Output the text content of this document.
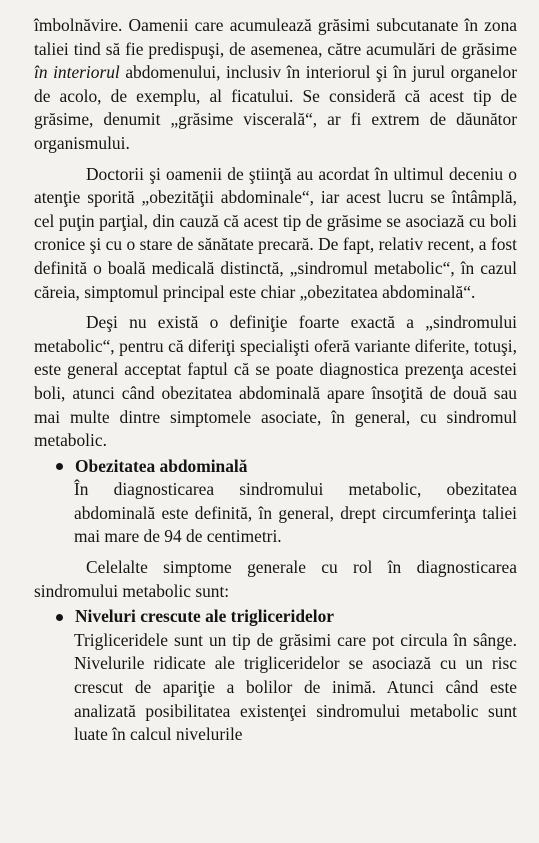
îmbolnăvire. Oamenii care acumulează grăsimi subcutanate în zona taliei tind să fie predispuşi, de asemenea, către acumulări de grăsime în interiorul abdomenului, inclusiv în interiorul şi în jurul organelor de acolo, de exemplu, al ficatului. Se consideră că acest tip de grăsime, denumit „grăsime viscerală“, ar fi extrem de dăunător organismului.

Doctorii şi oamenii de ştiinţă au acordat în ultimul deceniu o atenţie sporită „obezităţii abdominale“, iar acest lucru se întâmplă, cel puţin parţial, din cauză că acest tip de grăsime se asociază cu boli cronice şi cu o stare de sănătate precară. De fapt, relativ recent, a fost definită o boală medicală distinctă, „sindromul metabolic“, în cazul căreia, simptomul principal este chiar „obezitatea abdominală“.

Deşi nu există o definiţie foarte exactă a „sindromului metabolic“, pentru că diferiţi specialişti oferă variante diferite, totuşi, este general acceptat faptul că se poate diagnostica prezenţa acestei boli, atunci când obezitatea abdominală apare însoţită de două sau mai multe dintre simptomele asociate, în general, cu sindromul metabolic.

Obezitatea abdominală

În diagnosticarea sindromului metabolic, obezitatea abdominală este definită, în general, drept circumferinţa taliei mai mare de 94 de centimetri.

Celelalte simptome generale cu rol în diagnosticarea sindromului metabolic sunt:

Niveluri crescute ale trigliceridelor

Trigliceridele sunt un tip de grăsimi care pot circula în sânge. Nivelurile ridicate ale trigliceridelor se asociază cu un risc crescut de apariţie a bolilor de inimă. Atunci când este analizată posibilitatea existenţei sindromului metabolic sunt luate în calcul nivelurile
